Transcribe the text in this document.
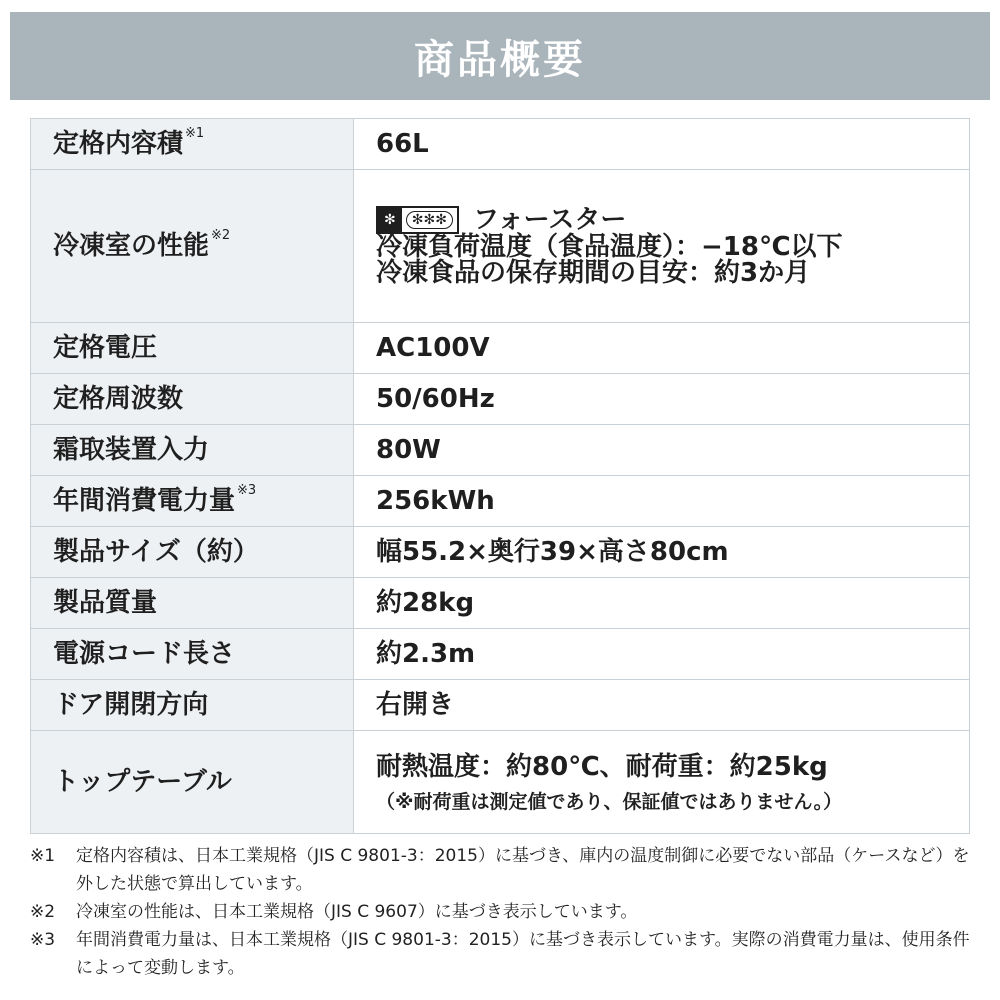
商品概要
定格内容積 $^{※1}$	66L
冷凍室の性能 $^{※2}$	✻ ✻✻✻ フォースター
冷凍負荷温度（食品温度）：−18℃以下
冷凍食品の保存期間の目安：約3か月

定格電圧	AC100V
定格周波数	50/60Hz
霜取装置入力	80W
年間消費電力量 $^{※3}$	256kWh
製品サイズ（約）	幅55.2×奥行39×高さ80cm
製品質量	約28kg
電源コード長さ	約2.3m
ドア開閉方向	右開き
トップテーブル	耐熱温度：約80℃、耐荷重：約25kg
（※耐荷重は測定値であり、保証値ではありません。）
※1	定格内容積は、日本工業規格（JIS C 9801-3：2015）に基づき、庫内の温度制御に必要でない部品（ケースなど）を外した状態で算出しています。
※2	冷凍室の性能は、日本工業規格（JIS C 9607）に基づき表示しています。
※3	年間消費電力量は、日本工業規格（JIS C 9801-3：2015）に基づき表示しています。実際の消費電力量は、使用条件によって変動します。
